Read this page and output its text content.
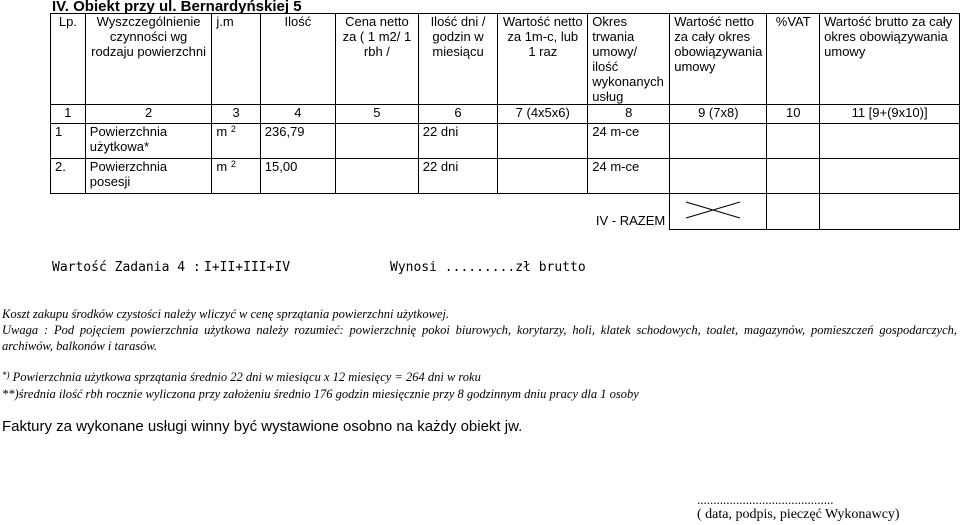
IV. Obiekt przy ul. Bernardyńskiej 5
Lp.	Wyszczególnienie czynności wg rodzaju powierzchni	j.m	Ilość	Cena netto za ( 1 m2/ 1 rbh /	Ilość dni / godzin w miesiącu	Wartość netto za 1m-c, lub 1 raz	Okres trwania umowy/ ilość wykonanych usług	Wartość netto za cały okres obowiązywania umowy	%VAT	Wartość brutto za cały okres obowiązywania umowy
1	2	3	4	5	6	7 (4x5x6)	8	9 (7x8)	10	11 [9+(9x10)]
1	Powierzchnia użytkowa*	m $^2$	236,79		22 dni		24 m-ce			
2.	Powierzchnia posesji	m $^2$	15,00		22 dni		24 m-ce			
IV - RAZEM	

Wartość Zadania 4 : I+II+III+IV	Wynosi .........zł brutto
Koszt zakupu środków czystości należy wliczyć w cenę sprzątania powierzchni użytkowej.
Uwaga : Pod pojęciem powierzchnia użytkowa należy rozumieć: powierzchnię pokoi biurowych, korytarzy, holi, klatek schodowych, toalet, magazynów, pomieszczeń gospodarczych, archiwów, balkonów i tarasów.
*) Powierzchnia użytkowa sprzątania średnio 22 dni w miesiącu x 12 miesięcy = 264 dni w roku
**)średnia ilość rbh rocznie wyliczona przy założeniu średnio 176 godzin miesięcznie przy 8 godzinnym dniu pracy dla 1 osoby
Faktury za wykonane usługi winny być wystawione osobno na każdy obiekt jw.
..........................................
( data, podpis, pieczęć Wykonawcy)
